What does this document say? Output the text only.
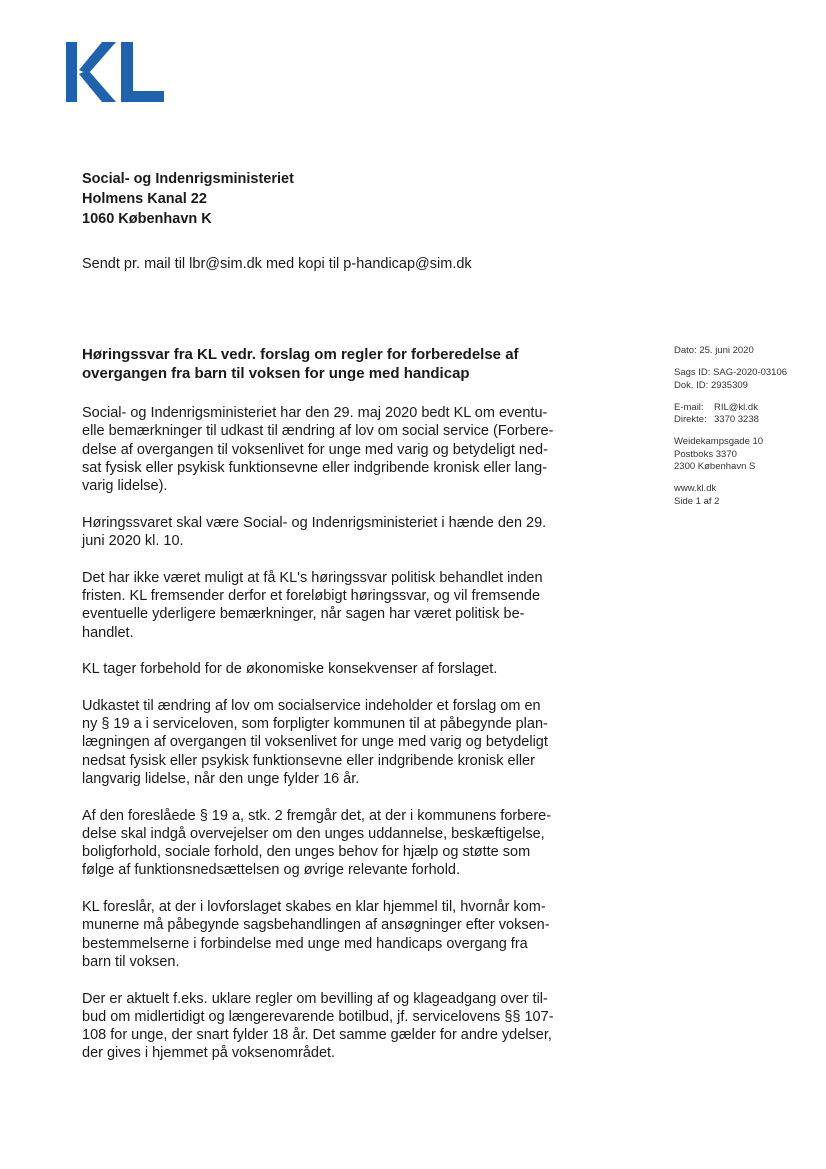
Social- og Indenrigsministeriet
Holmens Kanal 22
1060 København K
Sendt pr. mail til lbr@sim.dk med kopi til p-handicap@sim.dk
Høringssvar fra KL vedr. forslag om regler for forberedelse af
overgangen fra barn til voksen for unge med handicap
Social- og Indenrigsministeriet har den 29. maj 2020 bedt KL om eventu-
elle bemærkninger til udkast til ændring af lov om social service (Forbere-
delse af overgangen til voksenlivet for unge med varig og betydeligt ned-
sat fysisk eller psykisk funktionsevne eller indgribende kronisk eller lang-
varig lidelse).
Høringssvaret skal være Social- og Indenrigsministeriet i hænde den 29.
juni 2020 kl. 10.
Det har ikke været muligt at få KL's høringssvar politisk behandlet inden
fristen. KL fremsender derfor et foreløbigt høringssvar, og vil fremsende
eventuelle yderligere bemærkninger, når sagen har været politisk be-
handlet.
KL tager forbehold for de økonomiske konsekvenser af forslaget.
Udkastet til ændring af lov om socialservice indeholder et forslag om en
ny § 19 a i serviceloven, som forpligter kommunen til at påbegynde plan-
lægningen af overgangen til voksenlivet for unge med varig og betydeligt
nedsat fysisk eller psykisk funktionsevne eller indgribende kronisk eller
langvarig lidelse, når den unge fylder 16 år.
Af den foreslåede § 19 a, stk. 2 fremgår det, at der i kommunens forbere-
delse skal indgå overvejelser om den unges uddannelse, beskæftigelse,
boligforhold, sociale forhold, den unges behov for hjælp og støtte som
følge af funktionsnedsættelsen og øvrige relevante forhold.
KL foreslår, at der i lovforslaget skabes en klar hjemmel til, hvornår kom-
munerne må påbegynde sagsbehandlingen af ansøgninger efter voksen-
bestemmelserne i forbindelse med unge med handicaps overgang fra
barn til voksen.
Der er aktuelt f.eks. uklare regler om bevilling af og klageadgang over til-
bud om midlertidigt og længerevarende botilbud, jf. servicelovens §§ 107-
108 for unge, der snart fylder 18 år. Det samme gælder for andre ydelser,
der gives i hjemmet på voksenområdet.
Dato: 25. juni 2020
Sags ID: SAG-2020-03106
Dok. ID: 2935309
E-mail: RIL@kl.dk
Direkte: 3370 3238
Weidekampsgade 10
Postboks 3370
2300 København S
www.kl.dk
Side 1 af 2
